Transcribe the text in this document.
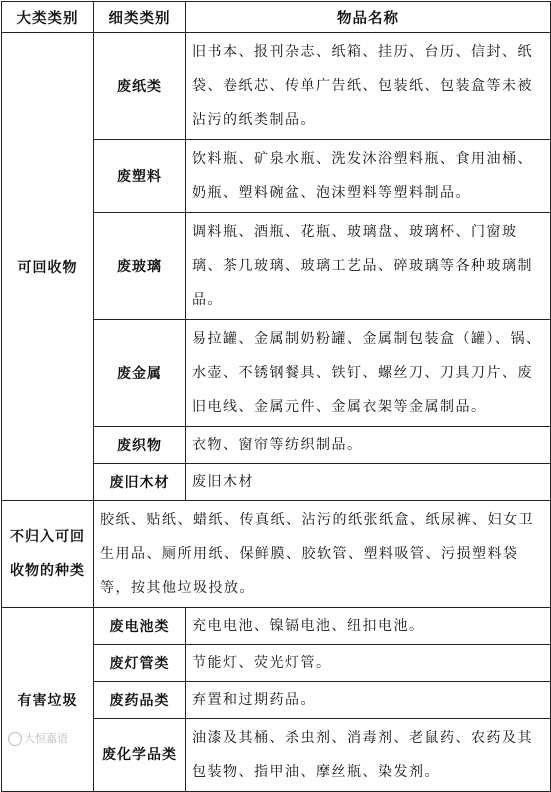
大类类别	细类类别	物品名称
可回收物	废纸类	旧书本、报刊杂志、纸箱、挂历、台历、信封、纸袋、卷纸芯、传单广告纸、包装纸、包装盒等未被沾污的纸类制品。
	废塑料	饮料瓶、矿泉水瓶、洗发沐浴塑料瓶、食用油桶、奶瓶、塑料碗盆、泡沫塑料等塑料制品。
	废玻璃	调料瓶、酒瓶、花瓶、玻璃盘、玻璃杯、门窗玻璃、茶几玻璃、玻璃工艺品、碎玻璃等各种玻璃制品。
	废金属	易拉罐、金属制奶粉罐、金属制包装盒（罐）、锅、水壶、不锈钢餐具、铁钉、螺丝刀、刀具刀片、废旧电线、金属元件、金属衣架等金属制品。
	废织物	衣物、窗帘等纺织制品。
	废旧木材	废旧木材
不归入可回收物的种类	胶纸、贴纸、蜡纸、传真纸、沾污的纸张纸盒、纸尿裤、妇女卫生用品、厕所用纸、保鲜膜、胶软管、塑料吸管、污损塑料袋等，按其他垃圾投放。	
有害垃圾	废电池类	充电电池、镍镉电池、纽扣电池。
	废灯管类	节能灯、荧光灯管。
	废药品类	弃置和过期药品。
	废化学品类	油漆及其桶、杀虫剂、消毒剂、老鼠药、农药及其包装物、指甲油、摩丝瓶、染发剂。
大恒嘉语
